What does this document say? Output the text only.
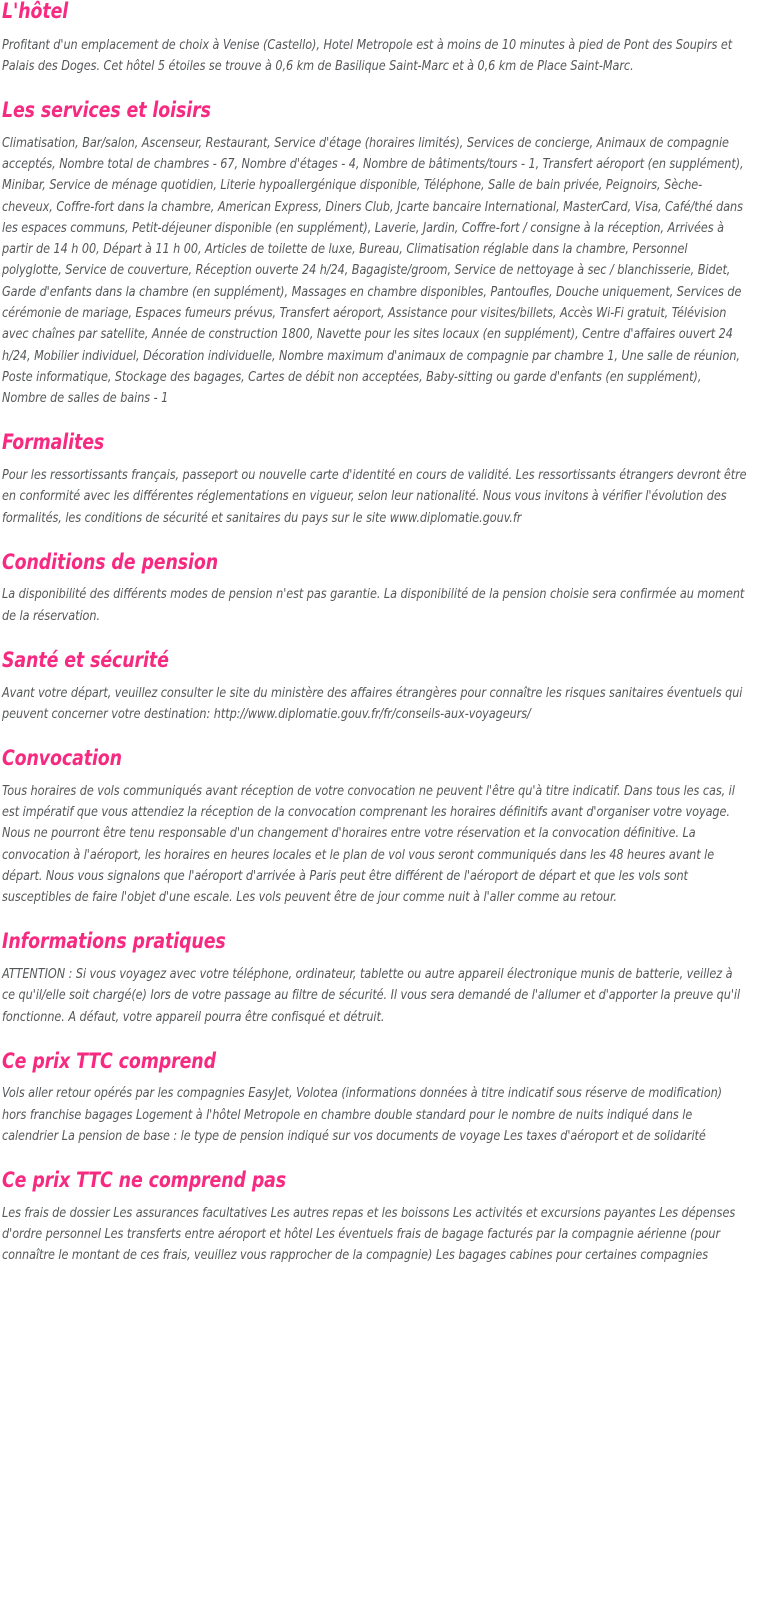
L'hôtel

Profitant d'un emplacement de choix à Venise (Castello), Hotel Metropole est à moins de 10 minutes à pied de Pont des Soupirs et Palais des Doges. Cet hôtel 5 étoiles se trouve à 0,6 km de Basilique Saint-Marc et à 0,6 km de Place Saint-Marc.

Les services et loisirs

Climatisation, Bar/salon, Ascenseur, Restaurant, Service d'étage (horaires limités), Services de concierge, Animaux de compagnie acceptés, Nombre total de chambres - 67, Nombre d'étages - 4, Nombre de bâtiments/tours - 1, Transfert aéroport (en supplément), Minibar, Service de ménage quotidien, Literie hypoallergénique disponible, Téléphone, Salle de bain privée, Peignoirs, Sèche-cheveux, Coffre-fort dans la chambre, American Express, Diners Club, Jcarte bancaire International, MasterCard, Visa, Café/thé dans les espaces communs, Petit-déjeuner disponible (en supplément), Laverie, Jardin, Coffre-fort / consigne à la réception, Arrivées à partir de 14 h 00, Départ à 11 h 00, Articles de toilette de luxe, Bureau, Climatisation réglable dans la chambre, Personnel polyglotte, Service de couverture, Réception ouverte 24 h/24, Bagagiste/groom, Service de nettoyage à sec / blanchisserie, Bidet, Garde d'enfants dans la chambre (en supplément), Massages en chambre disponibles, Pantoufles, Douche uniquement, Services de cérémonie de mariage, Espaces fumeurs prévus, Transfert aéroport, Assistance pour visites/billets, Accès Wi-Fi gratuit, Télévision avec chaînes par satellite, Année de construction 1800, Navette pour les sites locaux (en supplément), Centre d'affaires ouvert 24 h/24, Mobilier individuel, Décoration individuelle, Nombre maximum d'animaux de compagnie par chambre 1, Une salle de réunion, Poste informatique, Stockage des bagages, Cartes de débit non acceptées, Baby-sitting ou garde d'enfants (en supplément), Nombre de salles de bains - 1

Formalites

Pour les ressortissants français, passeport ou nouvelle carte d'identité en cours de validité. Les ressortissants étrangers devront être en conformité avec les différentes réglementations en vigueur, selon leur nationalité. Nous vous invitons à vérifier l'évolution des formalités, les conditions de sécurité et sanitaires du pays sur le site www.diplomatie.gouv.fr

Conditions de pension

La disponibilité des différents modes de pension n'est pas garantie. La disponibilité de la pension choisie sera confirmée au moment de la réservation.

Santé et sécurité

Avant votre départ, veuillez consulter le site du ministère des affaires étrangères pour connaître les risques sanitaires éventuels qui peuvent concerner votre destination: http://www.diplomatie.gouv.fr/fr/conseils-aux-voyageurs/

Convocation

Tous horaires de vols communiqués avant réception de votre convocation ne peuvent l'être qu'à titre indicatif. Dans tous les cas, il est impératif que vous attendiez la réception de la convocation comprenant les horaires définitifs avant d'organiser votre voyage. Nous ne pourront être tenu responsable d'un changement d'horaires entre votre réservation et la convocation définitive. La convocation à l'aéroport, les horaires en heures locales et le plan de vol vous seront communiqués dans les 48 heures avant le départ. Nous vous signalons que l'aéroport d'arrivée à Paris peut être différent de l'aéroport de départ et que les vols sont susceptibles de faire l'objet d'une escale. Les vols peuvent être de jour comme nuit à l'aller comme au retour.

Informations pratiques

ATTENTION : Si vous voyagez avec votre téléphone, ordinateur, tablette ou autre appareil électronique munis de batterie, veillez à ce qu'il/elle soit chargé(e) lors de votre passage au filtre de sécurité. Il vous sera demandé de l'allumer et d'apporter la preuve qu'il fonctionne. A défaut, votre appareil pourra être confisqué et détruit.

Ce prix TTC comprend

Vols aller retour opérés par les compagnies EasyJet, Volotea (informations données à titre indicatif sous réserve de modification) hors franchise bagages Logement à l'hôtel Metropole en chambre double standard pour le nombre de nuits indiqué dans le calendrier La pension de base : le type de pension indiqué sur vos documents de voyage Les taxes d'aéroport et de solidarité

Ce prix TTC ne comprend pas

Les frais de dossier Les assurances facultatives Les autres repas et les boissons Les activités et excursions payantes Les dépenses d'ordre personnel Les transferts entre aéroport et hôtel Les éventuels frais de bagage facturés par la compagnie aérienne (pour connaître le montant de ces frais, veuillez vous rapprocher de la compagnie) Les bagages cabines pour certaines compagnies
